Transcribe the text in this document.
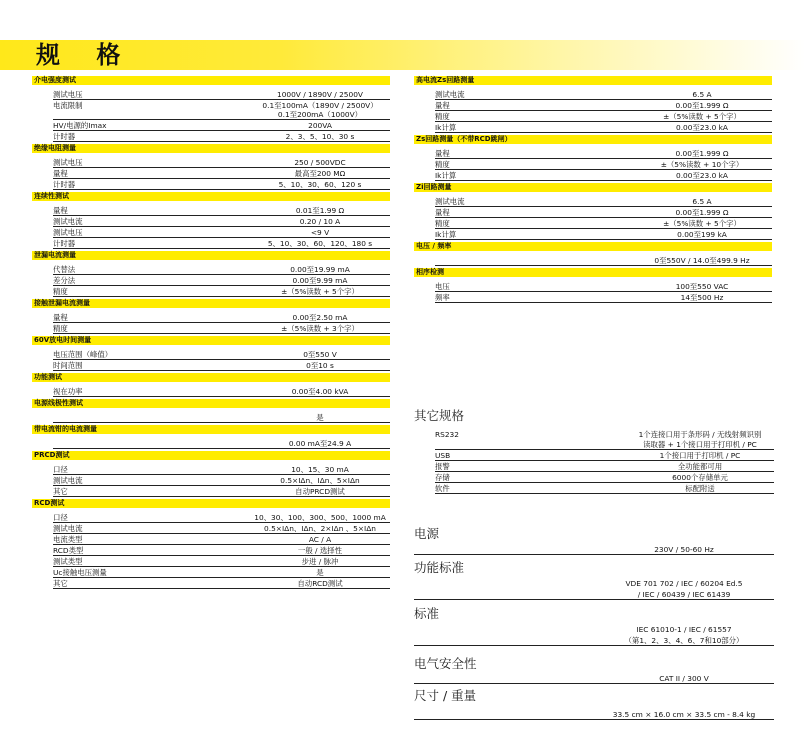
规 格
介电强度测试
测试电压	1000V / 1890V / 2500V
电流限制	0.1至100mA（1890V / 2500V）
0.1至200mA（1000V）
HV/电源的Imax	200VA
计时器	2、3、5、10、30 s
绝缘电阻测量
测试电压	250 / 500VDC
量程	最高至200 MΩ
计时器	5、10、30、60、120 s
连续性测试
量程	0.01至1.99 Ω
测试电流	0.20 / 10 A
测试电压	<9 V
计时器	5、10、30、60、120、180 s
泄漏电流测量
代替法	0.00至19.99 mA
差分法	0.00至9.99 mA
精度	±（5%读数 + 5个字）
接触泄漏电流测量
量程	0.00至2.50 mA
精度	±（5%读数 + 3个字）
60V放电时间测量
电压范围（峰值）	0至550 V
时间范围	0至10 s
功能测试
视在功率	0.00至4.00 kVA
电源线极性测试
是
带电流钳的电流测量
0.00 mA至24.9 A
PRCD测试
口径	10、15、30 mA
测试电流	0.5×IΔn、IΔn、5×IΔn
其它	自动PRCD测试
RCD测试
口径	10、30、100、300、500、1000 mA
测试电流	0.5×IΔn、IΔn、2×IΔn 、5×IΔn
电流类型	AC / A
RCD类型	一般 / 选择性
测试类型	步进 / 脉冲
Uc接触电压测量	是
其它	自动RCD测试
高电流Zs回路测量
测试电流	6.5 A
量程	0.00至1.999 Ω
精度	±（5%读数 + 5个字）
Ik计算	0.00至23.0 kA
Zs回路测量（不带RCD跳闸）
量程	0.00至1.999 Ω
精度	±（5%读数 + 10个字）
Ik计算	0.00至23.0 kA
Zi回路测量
测试电流	6.5 A
量程	0.00至1.999 Ω
精度	±（5%读数 + 5个字）
Ik计算	0.00至199 kA
电压 / 频率
0至550V / 14.0至499.9 Hz
相序检测
电压	100至550 VAC
频率	14至500 Hz
其它规格
RS232	1个连接口用于条形码 / 无线射频识别
读取器 + 1个接口用于打印机 / PC
USB	1个接口用于打印机 / PC
报警	全功能都可用
存储	6000个存储单元
软件	标配附送
电源
230V / 50-60 Hz
功能标准
VDE 701 702 / IEC / 60204 Ed.5
/ IEC / 60439 / IEC 61439
标准
IEC 61010-1 / IEC / 61557
（第1、2、3、4、6、7和10部分）
电气安全性
CAT II / 300 V
尺寸 / 重量
33.5 cm × 16.0 cm × 33.5 cm - 8.4 kg
